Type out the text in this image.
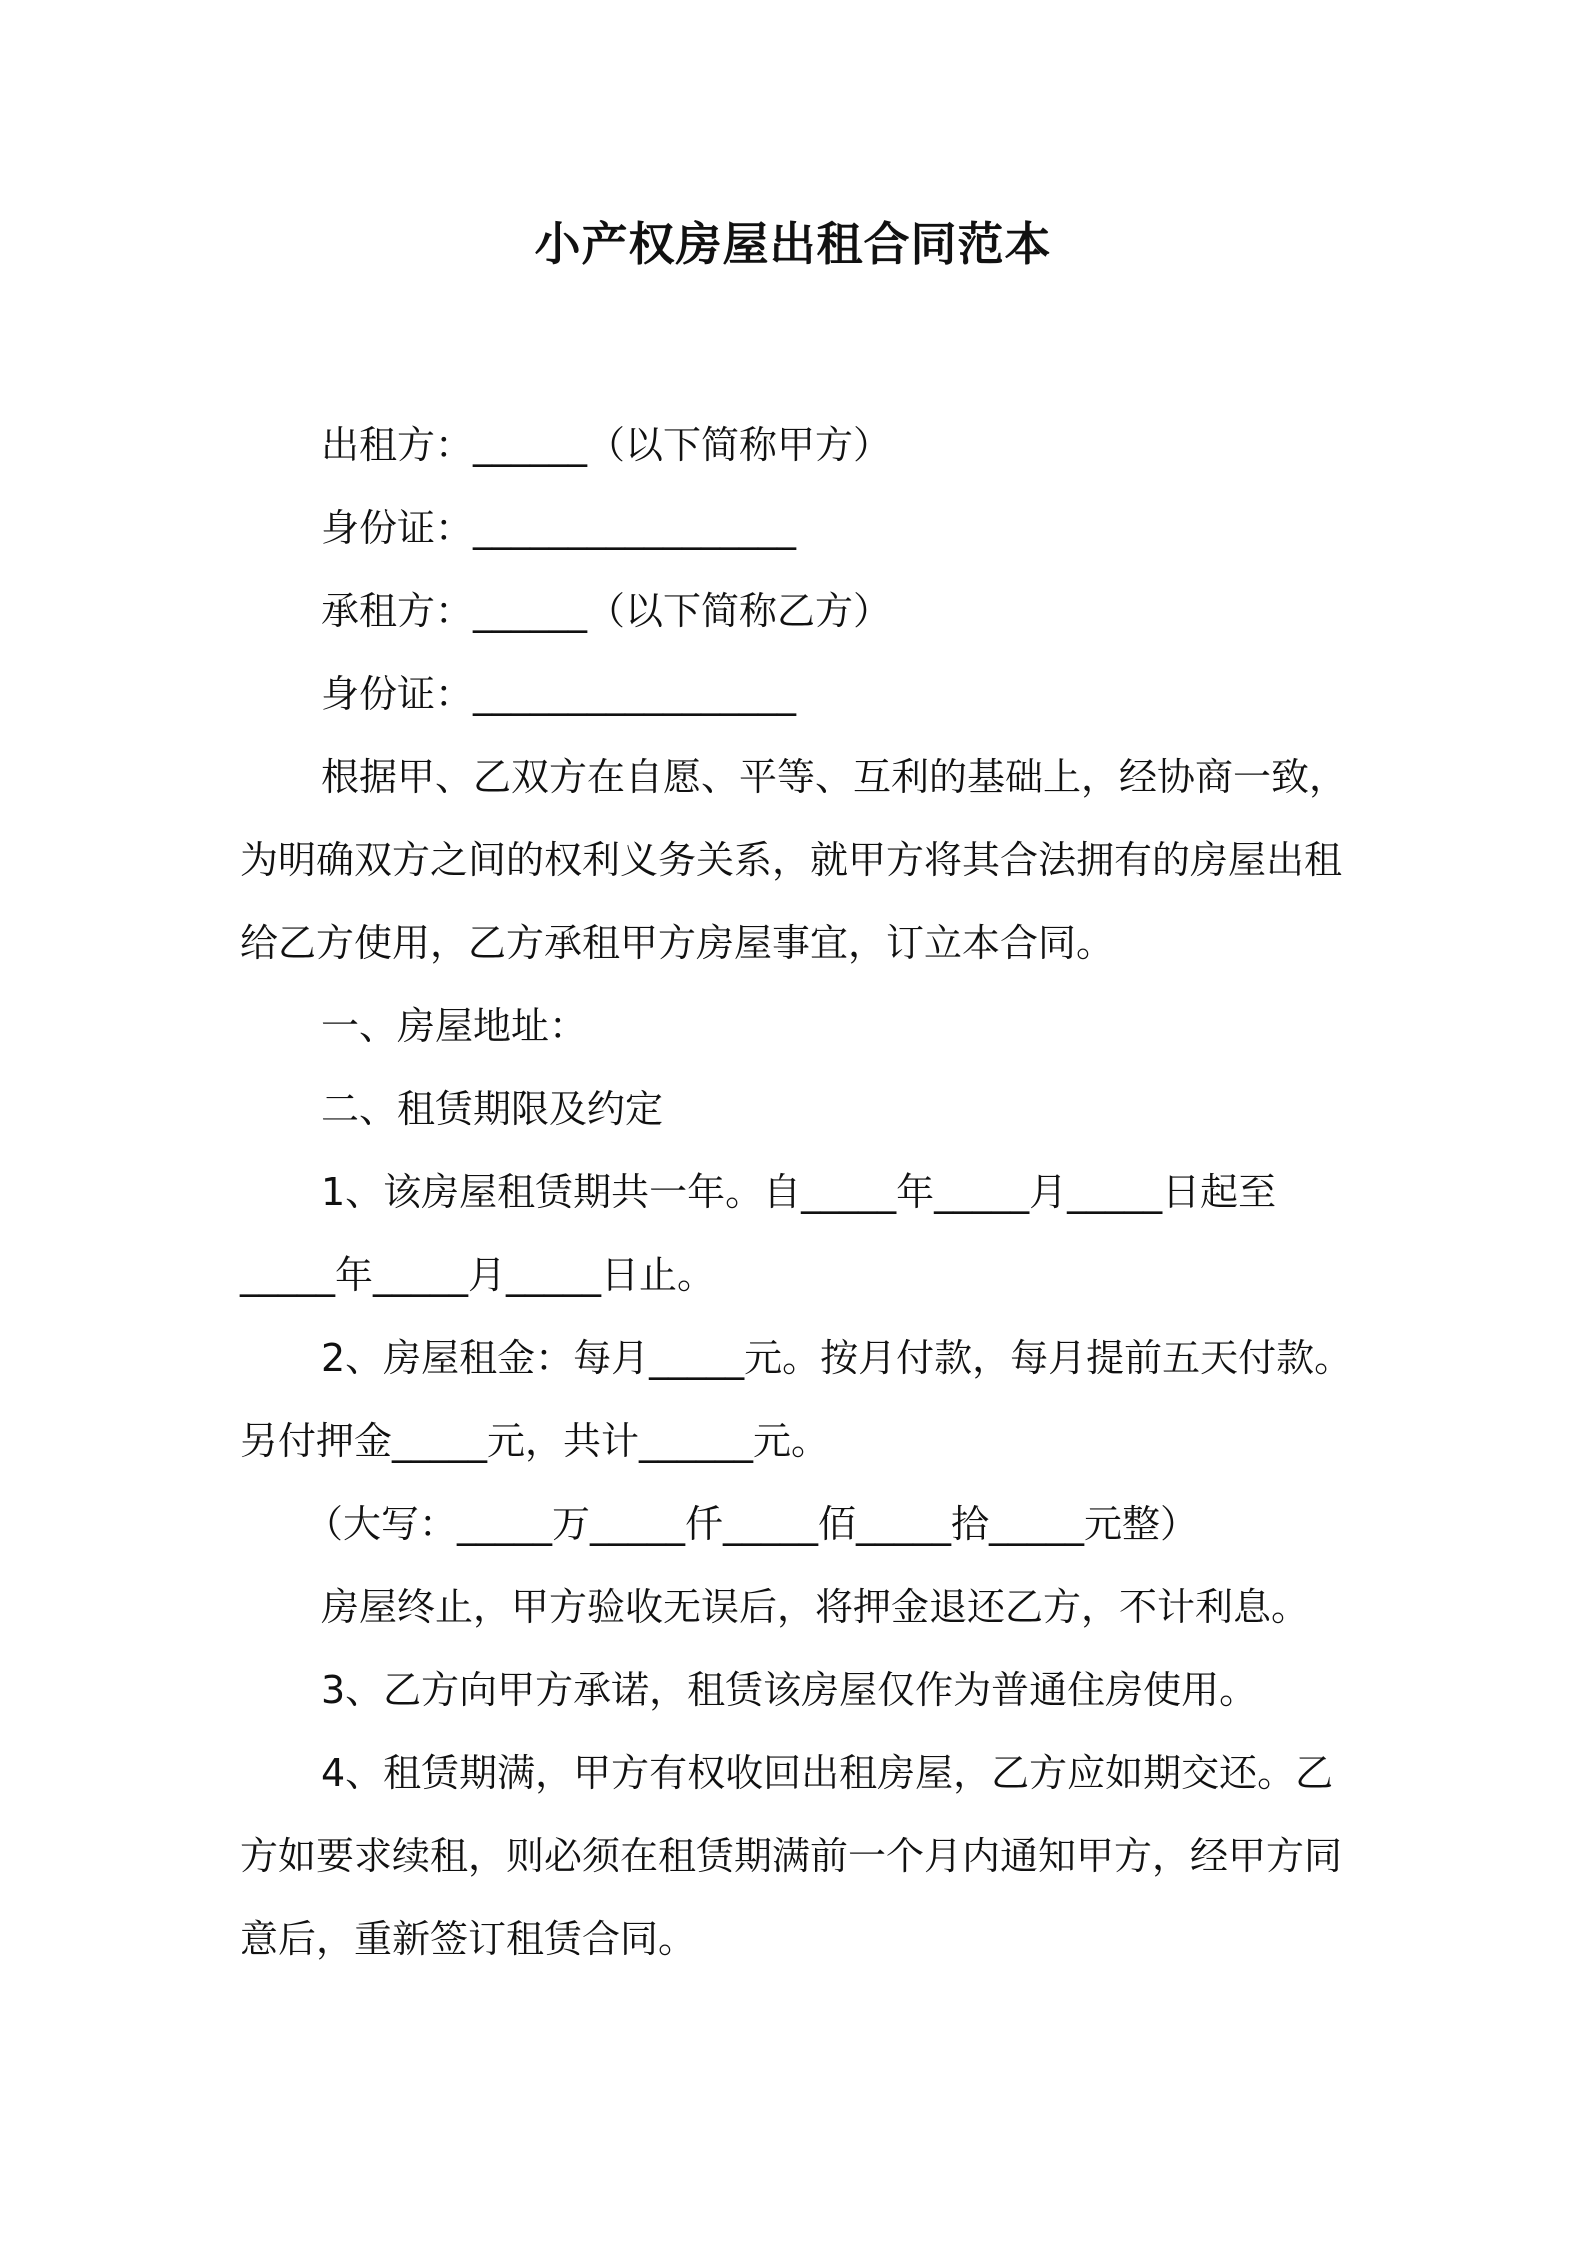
小产权房屋出租合同范本

出租方：______（以下简称甲方）

身份证：_________________

承租方：______（以下简称乙方）

身份证：_________________

根据甲、乙双方在自愿、平等、互利的基础上，经协商一致，为明确双方之间的权利义务关系，就甲方将其合法拥有的房屋出租给乙方使用，乙方承租甲方房屋事宜，订立本合同。

一、房屋地址：

二、租赁期限及约定

1、该房屋租赁期共一年。自_____年_____月_____日起至_____年_____月_____日止。

2、房屋租金：每月_____元。按月付款，每月提前五天付款。另付押金_____元，共计______元。

（大写：_____万_____仟_____佰_____拾_____元整）

房屋终止，甲方验收无误后，将押金退还乙方，不计利息。

3、乙方向甲方承诺，租赁该房屋仅作为普通住房使用。

4、租赁期满，甲方有权收回出租房屋，乙方应如期交还。乙方如要求续租，则必须在租赁期满前一个月内通知甲方，经甲方同意后，重新签订租赁合同。
